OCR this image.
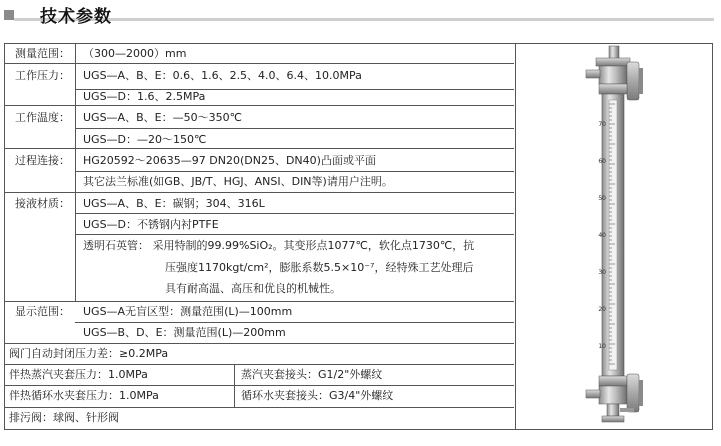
技术参数
测量范围：
工作压力：
工作温度：
过程连接：
接液材质：
显示范围：
（300—2000）mm
UGS—A、B、E：0.6、1.6、2.5、4.0、6.4、10.0MPa
UGS—D：1.6、2.5MPa
UGS—A、B、E：—50～350℃
UGS—D：—20～150℃
HG20592～20635—97 DN20(DN25、DN40)凸面或平面
其它法兰标准(如GB、JB/T、HGJ、ANSI、DIN等)请用户注明。
UGS—A、B、E：碳钢；304、316L
UGS—D：不锈钢内衬PTFE
透明石英管： 采用特制的99.99%SiO₂。其变形点1077℃，软化点1730℃，抗
压强度1170kgt/cm²，膨胀系数5.5×10⁻⁷，经特殊工艺处理后
具有耐高温、高压和优良的机械性。
UGS—A无盲区型：测量范围(L)—100mm
UGS—B、D、E：测量范围(L)—200mm
阀门自动封闭压力差：≥0.2MPa
伴热蒸汽夹套压力：1.0MPa	蒸汽夹套接头：G1/2"外螺纹
伴热循环水夹套压力：1.0MPa	循环水夹套接头：G3/4"外螺纹
排污阀：球阀、针形阀
70
60
50
40
30
20
10
